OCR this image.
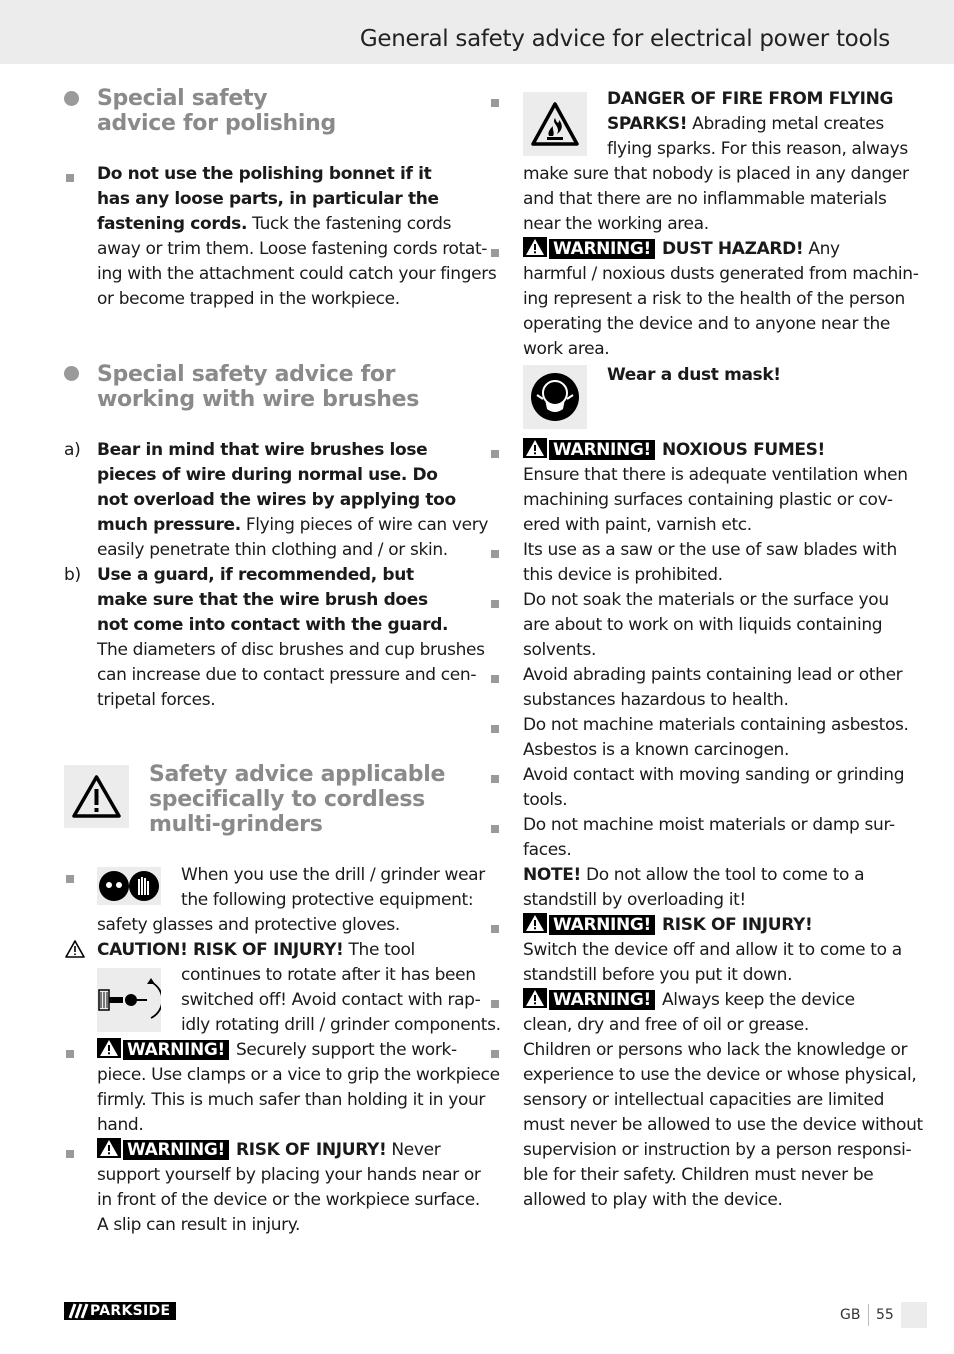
General safety advice for electrical power tools
Special safety
advice for polishing
Do not use the polishing bonnet if it
has any loose parts, in particular the
fastening cords. Tuck the fastening cords
away or trim them. Loose fastening cords rotat-
ing with the attachment could catch your fingers
or become trapped in the workpiece.
Special safety advice for
working with wire brushes
a) Bear in mind that wire brushes lose
pieces of wire during normal use. Do
not overload the wires by applying too
much pressure. Flying pieces of wire can very
easily penetrate thin clothing and / or skin.
b) Use a guard, if recommended, but
make sure that the wire brush does
not come into contact with the guard.
The diameters of disc brushes and cup brushes
can increase due to contact pressure and cen-
tripetal forces.
Safety advice applicable
specifically to cordless
multi-grinders
When you use the drill / grinder wear
the following protective equipment:
safety glasses and protective gloves.
CAUTION! RISK OF INJURY! The tool
continues to rotate after it has been
switched off! Avoid contact with rap-
idly rotating drill / grinder components.
WARNING! Securely support the work-
piece. Use clamps or a vice to grip the workpiece
firmly. This is much safer than holding it in your
hand.
WARNING! RISK OF INJURY! Never
support yourself by placing your hands near or
in front of the device or the workpiece surface.
A slip can result in injury.
DANGER OF FIRE FROM FLYING
SPARKS! Abrading metal creates
flying sparks. For this reason, always
make sure that nobody is placed in any danger
and that there are no inflammable materials
near the working area.
WARNING! DUST HAZARD! Any
harmful / noxious dusts generated from machin-
ing represent a risk to the health of the person
operating the device and to anyone near the
work area.
Wear a dust mask!
WARNING! NOXIOUS FUMES!
Ensure that there is adequate ventilation when
machining surfaces containing plastic or cov-
ered with paint, varnish etc.
Its use as a saw or the use of saw blades with
this device is prohibited.
Do not soak the materials or the surface you
are about to work on with liquids containing
solvents.
Avoid abrading paints containing lead or other
substances hazardous to health.
Do not machine materials containing asbestos.
Asbestos is a known carcinogen.
Avoid contact with moving sanding or grinding
tools.
Do not machine moist materials or damp sur-
faces.
NOTE! Do not allow the tool to come to a
standstill by overloading it!
WARNING! RISK OF INJURY!
Switch the device off and allow it to come to a
standstill before you put it down.
WARNING! Always keep the device
clean, dry and free of oil or grease.
Children or persons who lack the knowledge or
experience to use the device or whose physical,
sensory or intellectual capacities are limited
must never be allowed to use the device without
supervision or instruction by a person responsi-
ble for their safety. Children must never be
allowed to play with the device.
PARKSIDE	GB 55
